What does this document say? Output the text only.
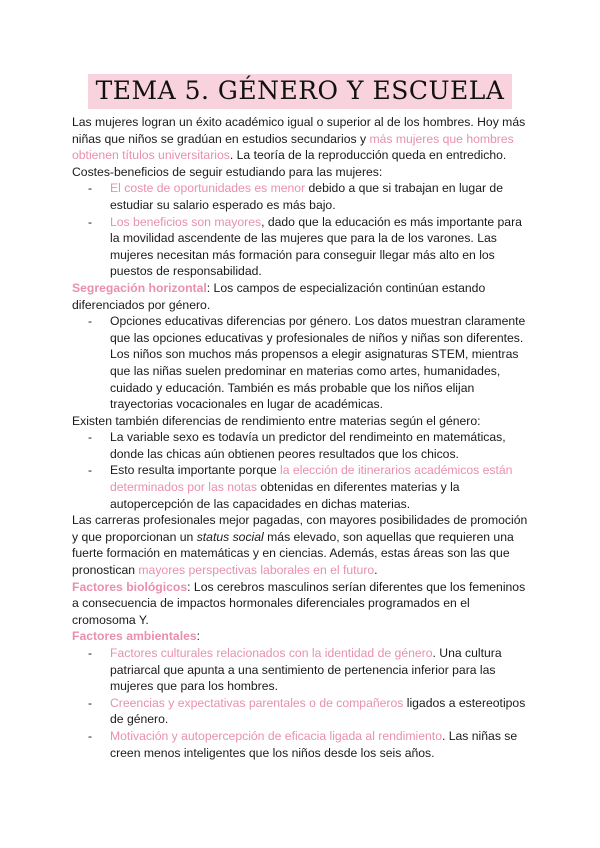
TEMA 5. GÉNERO Y ESCUELA

Las mujeres logran un éxito académico igual o superior al de los hombres. Hoy más niñas que niños se gradúan en estudios secundarios y más mujeres que hombres obtienen títulos universitarios. La teoría de la reproducción queda en entredicho.

Costes-beneficios de seguir estudiando para las mujeres:

- El coste de oportunidades es menor debido a que si trabajan en lugar de estudiar su salario esperado es más bajo.
- Los beneficios son mayores, dado que la educación es más importante para la movilidad ascendente de las mujeres que para la de los varones. Las mujeres necesitan más formación para conseguir llegar más alto en los puestos de responsabilidad.

Segregación horizontal: Los campos de especialización continúan estando diferenciados por género.

- Opciones educativas diferencias por género. Los datos muestran claramente que las opciones educativas y profesionales de niños y niñas son diferentes. Los niños son muchos más propensos a elegir asignaturas STEM, mientras que las niñas suelen predominar en materias como artes, humanidades, cuidado y educación. También es más probable que los niños elijan trayectorias vocacionales en lugar de académicas.

Existen también diferencias de rendimiento entre materias según el género:

- La variable sexo es todavía un predictor del rendimeinto en matemáticas, donde las chicas aún obtienen peores resultados que los chicos.
- Esto resulta importante porque la elección de itinerarios académicos están determinados por las notas obtenidas en diferentes materias y la autopercepción de las capacidades en dichas materias.

Las carreras profesionales mejor pagadas, con mayores posibilidades de promoción y que proporcionan un status social más elevado, son aquellas que requieren una fuerte formación en matemáticas y en ciencias. Además, estas áreas son las que pronostican mayores perspectivas laborales en el futuro.

Factores biológicos: Los cerebros masculinos serían diferentes que los femeninos a consecuencia de impactos hormonales diferenciales programados en el cromosoma Y.

Factores ambientales:

- Factores culturales relacionados con la identidad de género. Una cultura patriarcal que apunta a una sentimiento de pertenencia inferior para las mujeres que para los hombres.
- Creencias y expectativas parentales o de compañeros ligados a estereotipos de género.
- Motivación y autopercepción de eficacia ligada al rendimiento. Las niñas se creen menos inteligentes que los niños desde los seis años.
